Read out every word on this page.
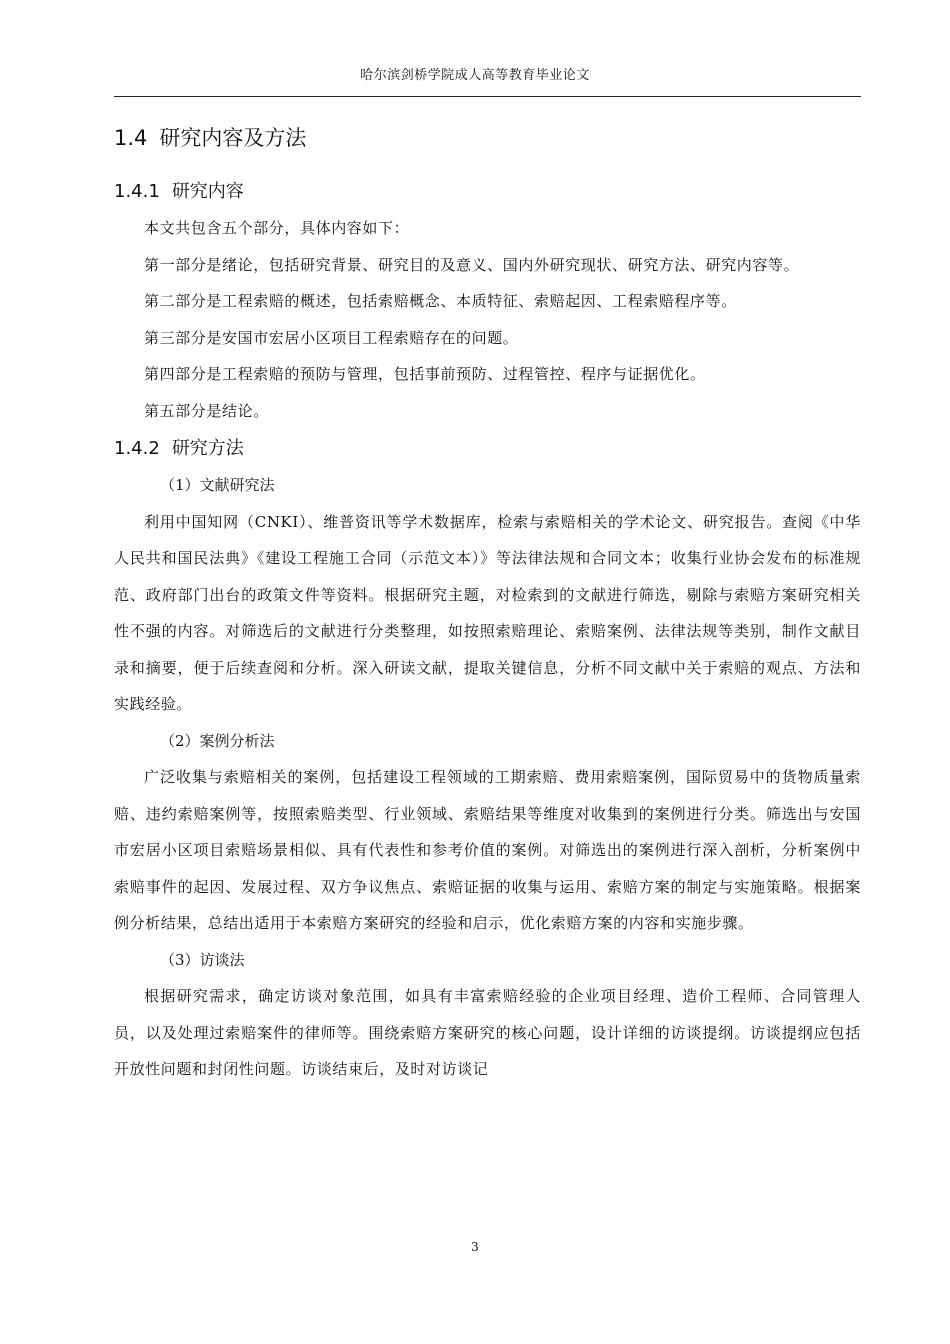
哈尔滨剑桥学院成人高等教育毕业论文
1.4 研究内容及方法
1.4.1 研究内容

本文共包含五个部分，具体内容如下：

第一部分是绪论，包括研究背景、研究目的及意义、国内外研究现状、研究方法、研究内容等。

第二部分是工程索赔的概述，包括索赔概念、本质特征、索赔起因、工程索赔程序等。

第三部分是安国市宏居小区项目工程索赔存在的问题。

第四部分是工程索赔的预防与管理，包括事前预防、过程管控、程序与证据优化。

第五部分是结论。

1.4.2 研究方法
（1）文献研究法

利用中国知网（CNKI）、维普资讯等学术数据库，检索与索赔相关的学术论文、研究报告。查阅《中华人民共和国民法典》《建设工程施工合同（示范文本）》等法律法规和合同文本；收集行业协会发布的标准规范、政府部门出台的政策文件等资料。根据研究主题，对检索到的文献进行筛选，剔除与索赔方案研究相关性不强的内容。对筛选后的文献进行分类整理，如按照索赔理论、索赔案例、法律法规等类别，制作文献目录和摘要，便于后续查阅和分析。深入研读文献，提取关键信息，分析不同文献中关于索赔的观点、方法和实践经验。

（2）案例分析法

广泛收集与索赔相关的案例，包括建设工程领域的工期索赔、费用索赔案例，国际贸易中的货物质量索赔、违约索赔案例等，按照索赔类型、行业领域、索赔结果等维度对收集到的案例进行分类。筛选出与安国市宏居小区项目索赔场景相似、具有代表性和参考价值的案例。对筛选出的案例进行深入剖析，分析案例中索赔事件的起因、发展过程、双方争议焦点、索赔证据的收集与运用、索赔方案的制定与实施策略。根据案例分析结果，总结出适用于本索赔方案研究的经验和启示，优化索赔方案的内容和实施步骤。

（3）访谈法

根据研究需求，确定访谈对象范围，如具有丰富索赔经验的企业项目经理、造价工程师、合同管理人员，以及处理过索赔案件的律师等。围绕索赔方案研究的核心问题，设计详细的访谈提纲。访谈提纲应包括开放性问题和封闭性问题。访谈结束后，及时对访谈记

3
